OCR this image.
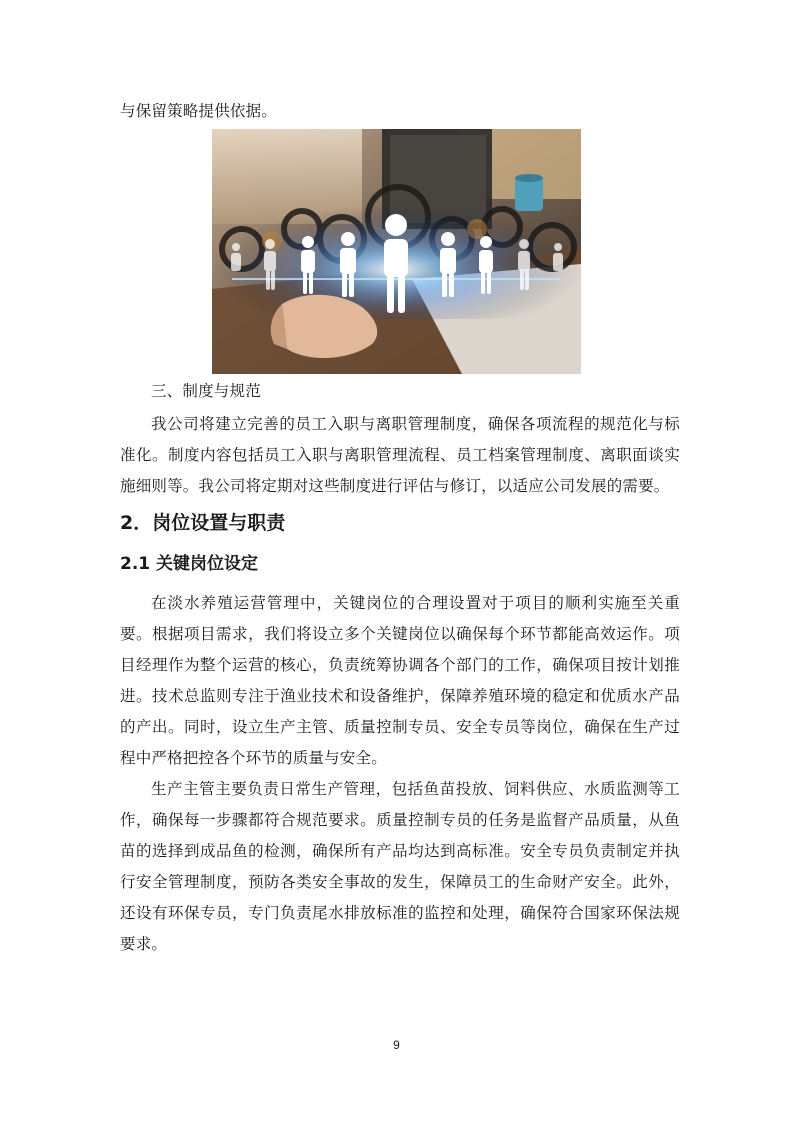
与保留策略提供依据。
三、制度与规范
我公司将建立完善的员工入职与离职管理制度，确保各项流程的规范化与标准化。制度内容包括员工入职与离职管理流程、员工档案管理制度、离职面谈实施细则等。我公司将定期对这些制度进行评估与修订，以适应公司发展的需要。
2．岗位设置与职责
2.1 关键岗位设定
在淡水养殖运营管理中，关键岗位的合理设置对于项目的顺利实施至关重要。根据项目需求，我们将设立多个关键岗位以确保每个环节都能高效运作。项目经理作为整个运营的核心，负责统筹协调各个部门的工作，确保项目按计划推进。技术总监则专注于渔业技术和设备维护，保障养殖环境的稳定和优质水产品的产出。同时，设立生产主管、质量控制专员、安全专员等岗位，确保在生产过程中严格把控各个环节的质量与安全。
生产主管主要负责日常生产管理，包括鱼苗投放、饲料供应、水质监测等工作，确保每一步骤都符合规范要求。质量控制专员的任务是监督产品质量，从鱼苗的选择到成品鱼的检测，确保所有产品均达到高标准。安全专员负责制定并执行安全管理制度，预防各类安全事故的发生，保障员工的生命财产安全。此外，还设有环保专员，专门负责尾水排放标准的监控和处理，确保符合国家环保法规要求。
9
